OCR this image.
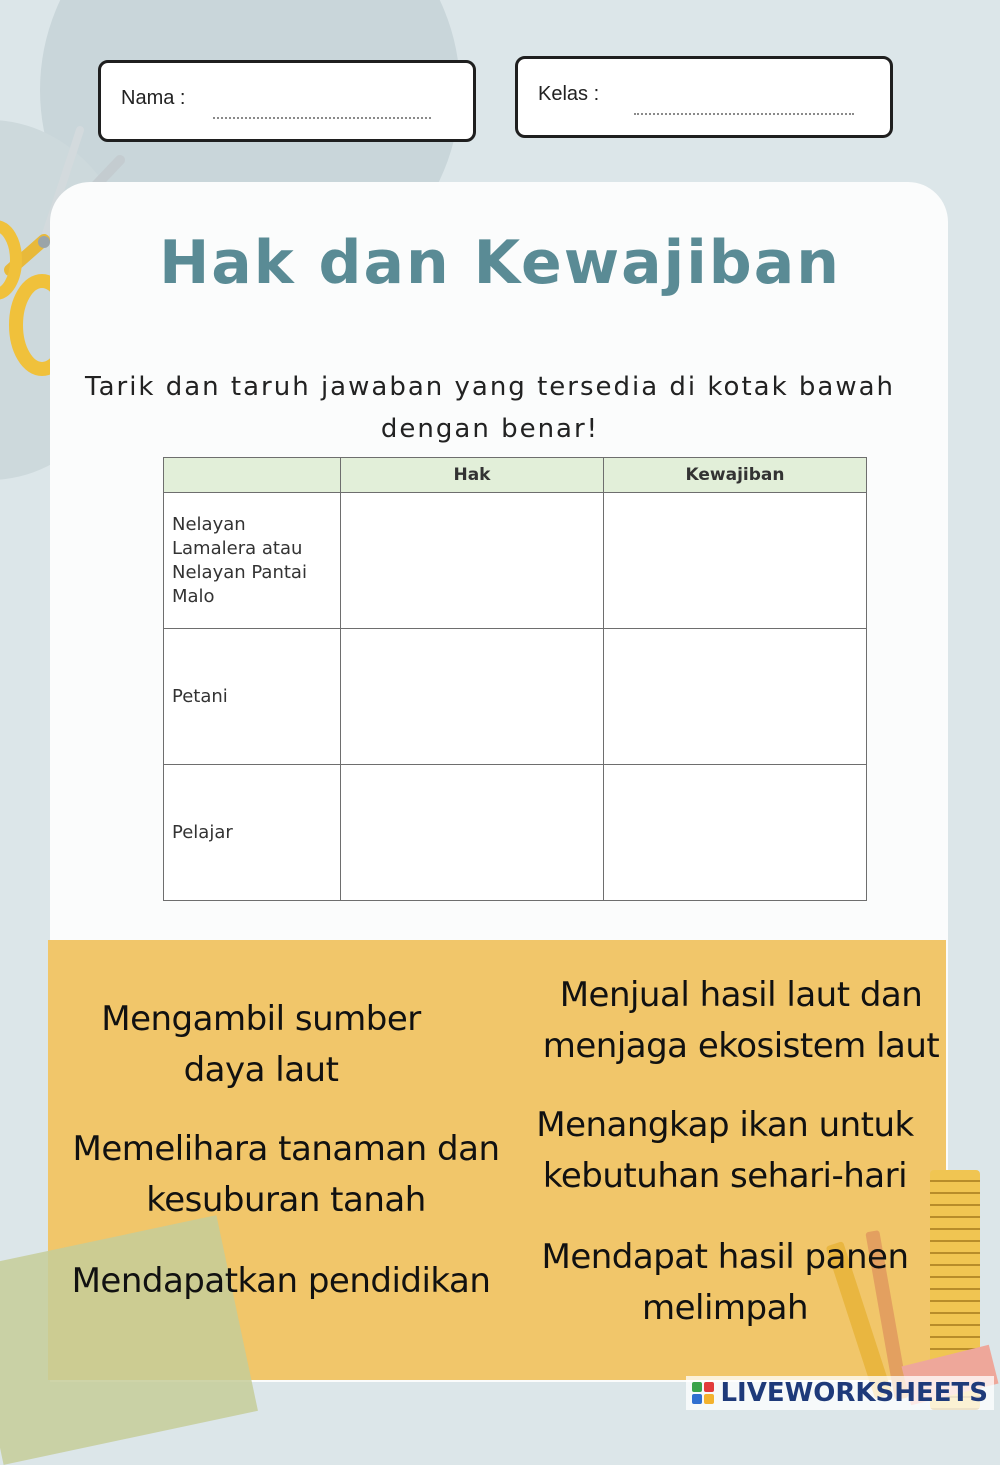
Nama :	Kelas :
Hak dan Kewajiban
Tarik dan taruh jawaban yang tersedia di kotak bawah dengan benar!
	Hak	Kewajiban
Nelayan Lamalera atau Nelayan Pantai Malo		
Petani		
Pelajar		
Mengambil sumber daya laut
Menjual hasil laut dan menjaga ekosistem laut
Memelihara tanaman dan kesuburan tanah
Menangkap ikan untuk kebutuhan sehari-hari
Mendapatkan pendidikan
Mendapat hasil panen melimpah
LIVEWORKSHEETS
